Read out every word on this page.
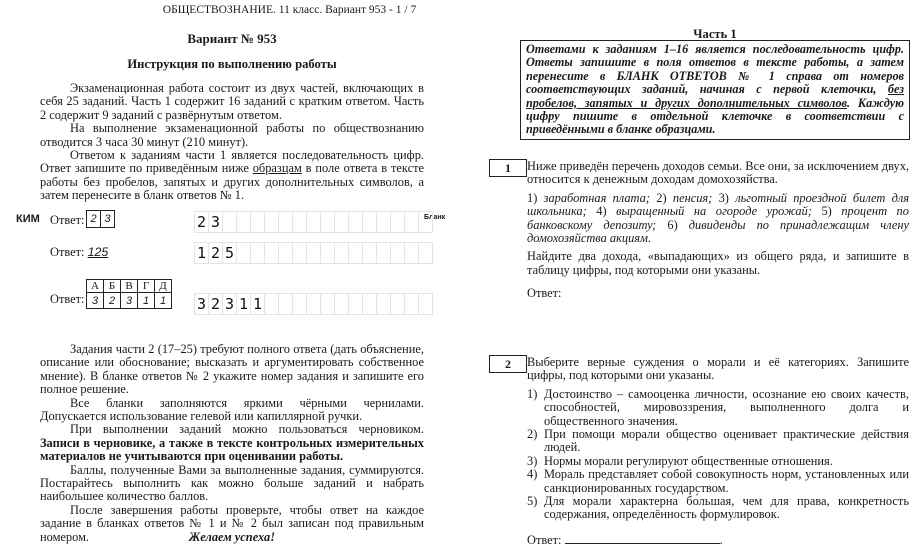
ОБЩЕСТВОЗНАНИЕ. 11 класс. Вариант 953 - 1 / 7
Вариант № 953
Инструкция по выполнению работы

Экзаменационная работа состоит из двух частей, включающих в себя 25 заданий. Часть 1 содержит 16 заданий с кратким ответом. Часть 2 содержит 9 заданий с развёрнутым ответом.

На выполнение экзаменационной работы по обществознанию отводится 3 часа 30 минут (210 минут).

Ответом к заданиям части 1 является последовательность цифр. Ответ запишите по приведённым ниже образцам в поле ответа в тексте работы без пробелов, запятых и других дополнительных символов, а затем перенесите в бланк ответов № 1.

КИМ	Бланк
Ответ: 2 3	2 3
Ответ: 125	1 2 5
Ответ:
А	Б	В	Г	Д
3	2	3	1	1 3 2 3 1 1

Задания части 2 (17–25) требуют полного ответа (дать объяснение, описание или обоснование; высказать и аргументировать собственное мнение). В бланке ответов № 2 укажите номер задания и запишите его полное решение.

Все бланки заполняются яркими чёрными чернилами. Допускается использование гелевой или капиллярной ручки.

При выполнении заданий можно пользоваться черновиком. Записи в черновике, а также в тексте контрольных измерительных материалов не учитываются при оценивании работы.

Баллы, полученные Вами за выполненные задания, суммируются. Постарайтесь выполнить как можно больше заданий и набрать наибольшее количество баллов.

После завершения работы проверьте, чтобы ответ на каждое задание в бланках ответов № 1 и № 2 был записан под правильным номером.	Желаем успеха!
Часть 1

Ответами к заданиям 1–16 является последовательность цифр. Ответы запишите в поля ответов в тексте работы, а затем перенесите в БЛАНК ОТВЕТОВ № 1 справа от номеров соответствующих заданий, начиная с первой клеточки, без пробелов, запятых и других дополнительных символов. Каждую цифру пишите в отдельной клеточке в соответствии с приведёнными в бланке образцами.

1	Ниже приведён перечень доходов семьи. Все они, за исключением двух, относится к денежным доходам домохозяйства.

1) заработная плата; 2) пенсия; 3) льготный проездной билет для школьника; 4) выращенный на огороде урожай; 5) процент по банковскому депозиту; 6) дивиденды по принадлежащим члену домохозяйства акциям.

Найдите два дохода, «выпадающих» из общего ряда, и запишите в таблицу цифры, под которыми они указаны.

Ответ:

2	Выберите верные суждения о морали и её категориях. Запишите цифры, под которыми они указаны.

1) Достоинство – самооценка личности, осознание ею своих качеств, способностей, мировоззрения, выполненного долга и общественного значения.
2) При помощи морали общество оценивает практические действия людей.
3) Нормы морали регулируют общественные отношения.
4) Мораль представляет собой совокупность норм, установленных или санкционированных государством.
5) Для морали характерна бо́льшая, чем для права, конкретность содержания, определённость формулировок.

Ответ:	.
